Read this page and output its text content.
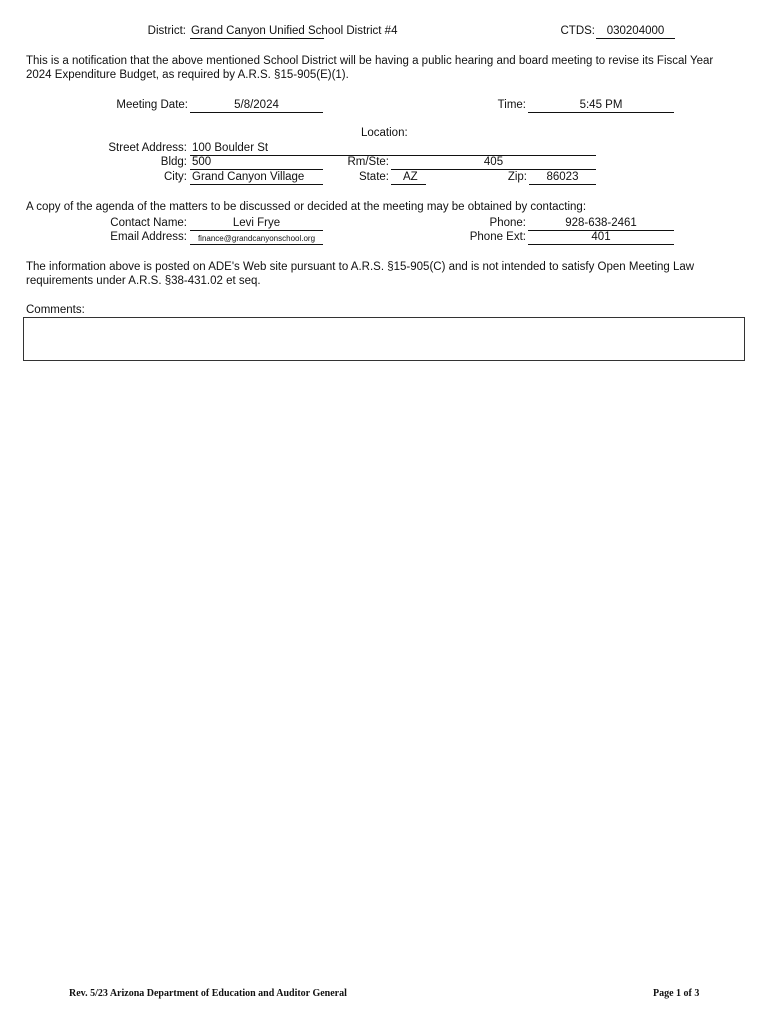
District: Grand Canyon Unified School District #4	CTDS:	030204000
This is a notification that the above mentioned School District will be having a public hearing and board meeting to revise its Fiscal Year 2024 Expenditure Budget, as required by A.R.S. §15-905(E)(1).
Meeting Date:	5/8/2024	Time:	5:45 PM
Location:
Street Address: 100 Boulder St
Bldg: 500	Rm/Ste:	405
City: Grand Canyon Village	State: AZ	Zip:	86023
A copy of the agenda of the matters to be discussed or decided at the meeting may be obtained by contacting:
Contact Name:	Levi Frye	Phone:	928-638-2461
Email Address:	finance@grandcanyonschool.org	Phone Ext:	401
The information above is posted on ADE's Web site pursuant to A.R.S. §15-905(C) and is not intended to satisfy Open Meeting Law requirements under A.R.S. §38-431.02 et seq.
Comments:
Rev. 5/23 Arizona Department of Education and Auditor General	Page 1 of 3
